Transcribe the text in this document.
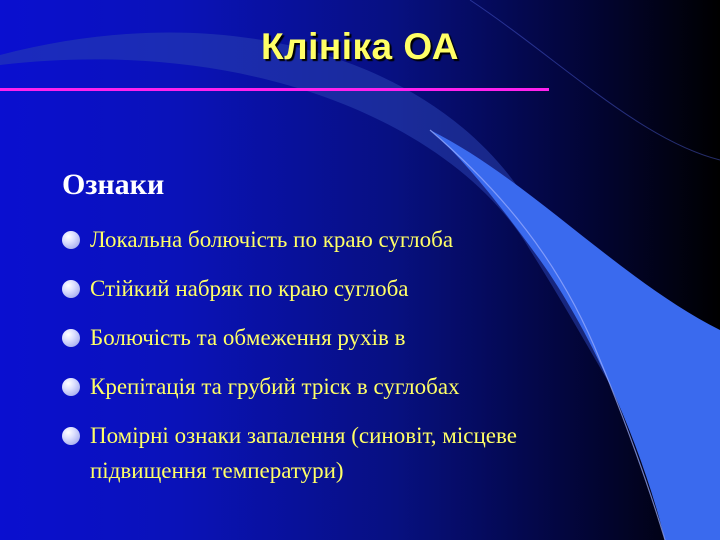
Клініка ОА
Ознаки
Локальна болючість по краю суглоба
Стійкий набряк по краю суглоба
Болючість та обмеження рухів в
Крепітація та грубий тріск в суглобах
Помірні ознаки запалення (синовіт, місцеве підвищення температури)
